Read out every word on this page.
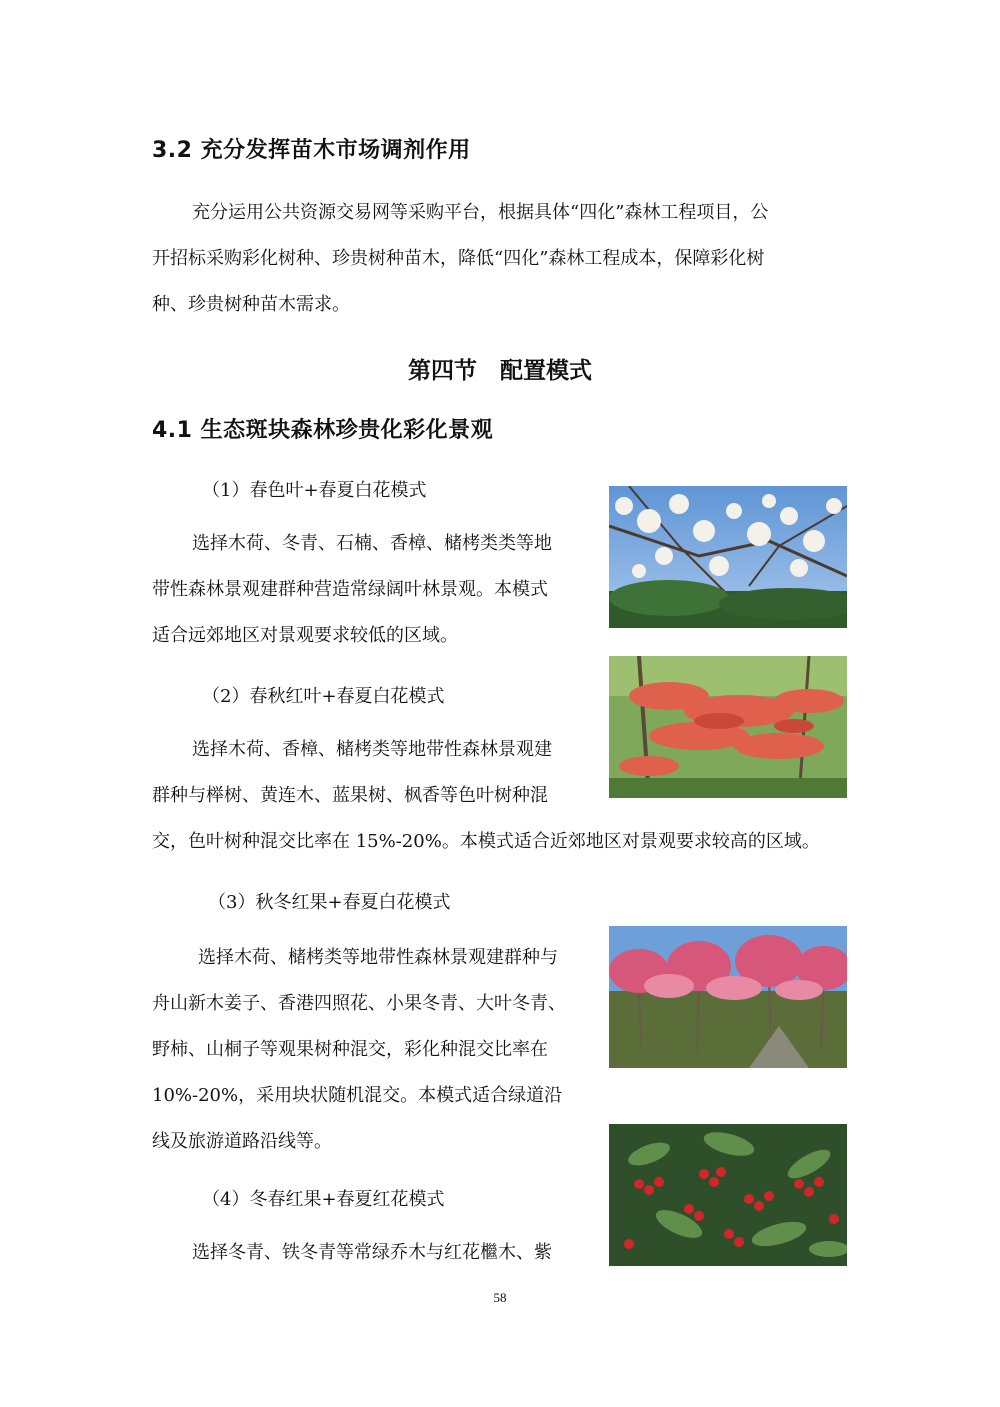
3.2 充分发挥苗木市场调剂作用

充分运用公共资源交易网等采购平台，根据具体“四化”森林工程项目，公

开招标采购彩化树种、珍贵树种苗木，降低“四化”森林工程成本，保障彩化树

种、珍贵树种苗木需求。

第四节　配置模式
4.1 生态斑块森林珍贵化彩化景观
（1）春色叶+春夏白花模式

选择木荷、冬青、石楠、香樟、槠栲类类等地

带性森林景观建群种营造常绿阔叶林景观。本模式

适合远郊地区对景观要求较低的区域。

（2）春秋红叶+春夏白花模式

选择木荷、香樟、槠栲类等地带性森林景观建

群种与榉树、黄连木、蓝果树、枫香等色叶树种混

交，色叶树种混交比率在 15%-20%。本模式适合近郊地区对景观要求较高的区域。

（3）秋冬红果+春夏白花模式

选择木荷、槠栲类等地带性森林景观建群种与

舟山新木姜子、香港四照花、小果冬青、大叶冬青、

野柿、山桐子等观果树种混交，彩化种混交比率在

10%-20%，采用块状随机混交。本模式适合绿道沿

线及旅游道路沿线等。

（4）冬春红果+春夏红花模式

选择冬青、铁冬青等常绿乔木与红花檵木、紫

58
